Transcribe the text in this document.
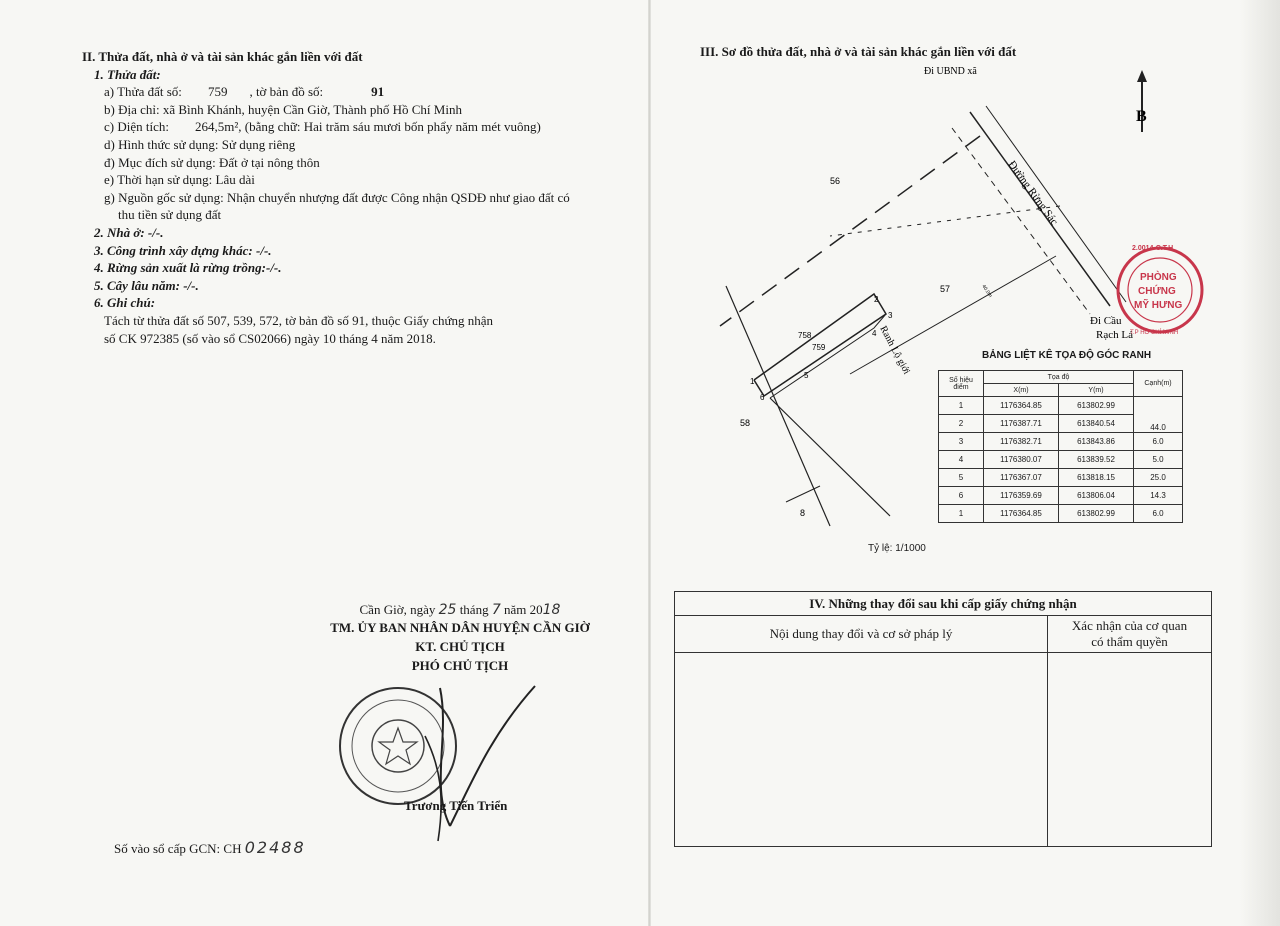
II. Thửa đất, nhà ở và tài sản khác gắn liền với đất
1. Thửa đất:
a) Thửa đất số: 759 , tờ bản đồ số:	91
b) Địa chỉ: xã Bình Khánh, huyện Cần Giờ, Thành phố Hồ Chí Minh
c) Diện tích: 264,5m², (bằng chữ: Hai trăm sáu mươi bốn phẩy năm mét vuông)
d) Hình thức sử dụng: Sử dụng riêng
đ) Mục đích sử dụng: Đất ở tại nông thôn
e) Thời hạn sử dụng: Lâu dài
g) Nguồn gốc sử dụng: Nhận chuyển nhượng đất được Công nhận QSDĐ như giao đất có
thu tiền sử dụng đất
2. Nhà ở: -/-.
3. Công trình xây dựng khác: -/-.
4. Rừng sản xuất là rừng trồng:-/-.
5. Cây lâu năm: -/-.
6. Ghi chú:
Tách từ thửa đất số 507, 539, 572, tờ bản đồ số 91, thuộc Giấy chứng nhận
số CK 972385 (số vào sổ CS02066) ngày 10 tháng 4 năm 2018.
Cần Giờ, ngày 25 tháng 7 năm 2018
TM. ỦY BAN NHÂN DÂN HUYỆN CẦN GIỜ
KT. CHỦ TỊCH
PHÓ CHỦ TỊCH
Trương Tiến Triển
Số vào sổ cấp GCN: CH 02488
III. Sơ đồ thửa đất, nhà ở và tài sản khác gắn liền với đất
B
Đi UBND xã
Đi Cầu
Rạch Lá
Đường Rừng Sác
Ranh Lộ giới
40.0m
56
57
58
8
758
759
1
2
3
4
5
6
PHÒNG
CHỨNG
MỸ HƯNG
2.0014-C.T.H
T.P HỒ CHÍ MINH
BẢNG LIỆT KÊ TỌA ĐỘ GÓC RANH
Số hiệu điểm	Tọa độ		Cạnh(m)
	X(m)	Y(m)	
1	1176364.85	613802.99	44.0
2	1176387.71	613840.54	
3	1176382.71	613843.86	6.0
4	1176380.07	613839.52	5.0
5	1176367.07	613818.15	25.0
6	1176359.69	613806.04	14.3
1	1176364.85	613802.99	6.0
Tỷ lệ: 1/1000
IV. Những thay đổi sau khi cấp giấy chứng nhận
Nội dung thay đổi và cơ sở pháp lý
Xác nhận của cơ quan
có thẩm quyền
